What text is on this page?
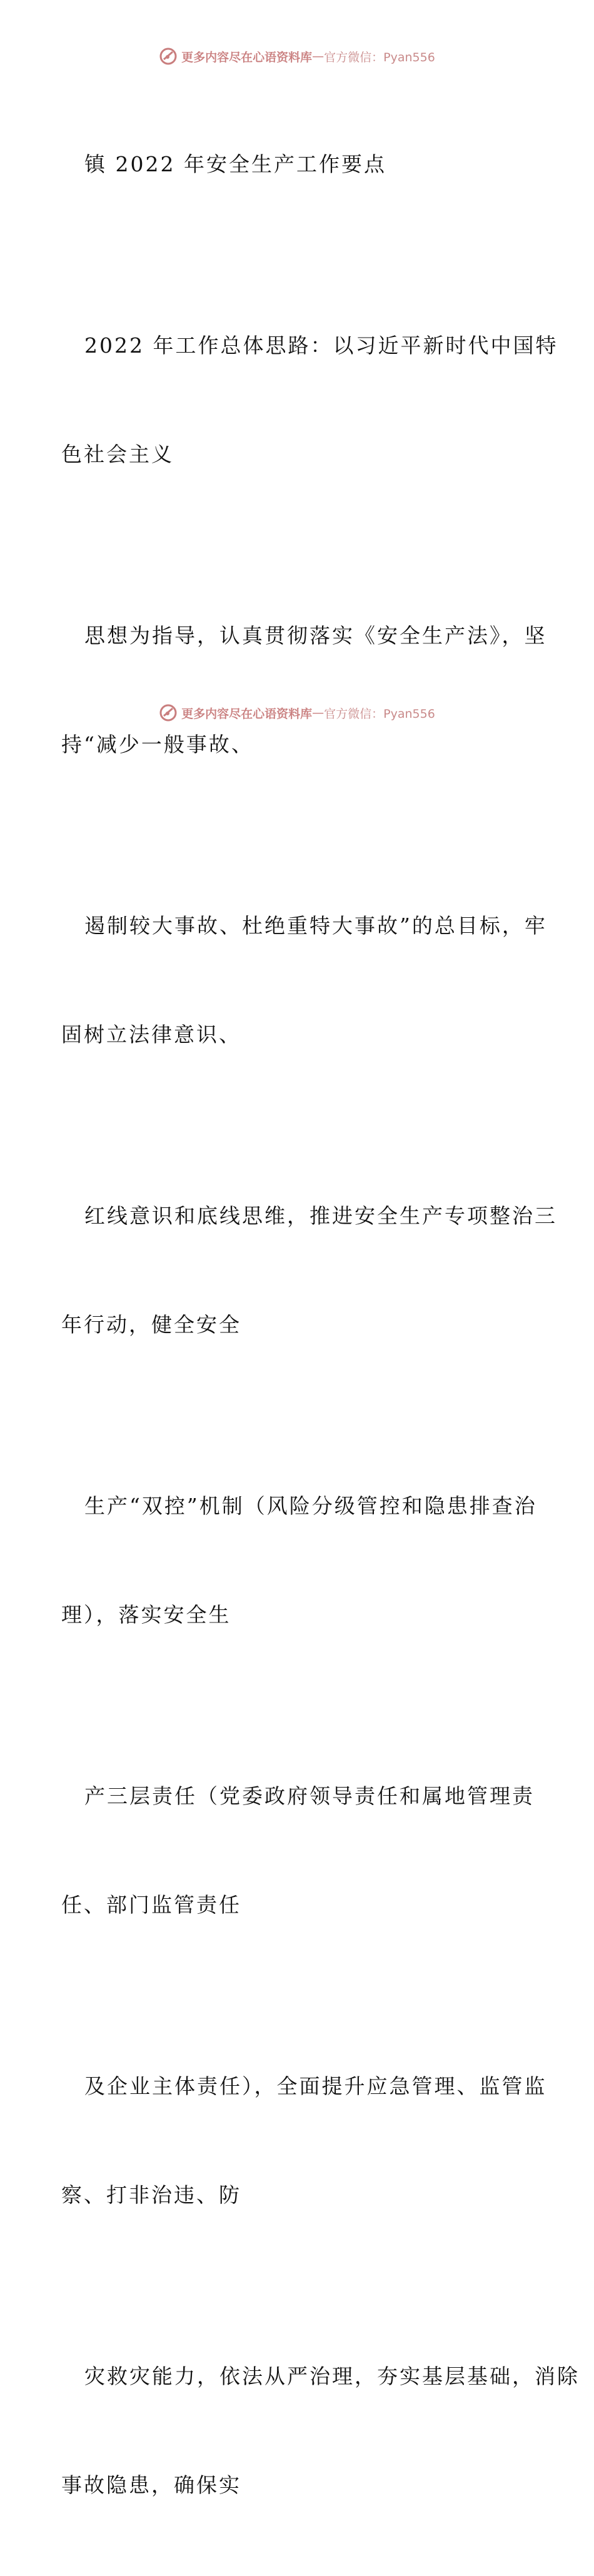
更多内容尽在心语资料库 — 官方微信：Pyan556

镇 2022 年安全生产工作要点

2022 年工作总体思路：以习近平新时代中国特

色社会主义

思想为指导，认真贯彻落实《安全生产法》，坚

持“减少一般事故、

遏制较大事故、杜绝重特大事故”的总目标，牢

固树立法律意识、

红线意识和底线思维，推进安全生产专项整治三

年行动，健全安全

生产“双控”机制（风险分级管控和隐患排查治

理），落实安全生

产三层责任（党委政府领导责任和属地管理责

任、部门监管责任

及企业主体责任），全面提升应急管理、监管监

察、打非治违、防

灾救灾能力，依法从严治理，夯实基层基础，消除

事故隐患，确保实

更多内容尽在心语资料库 — 官方微信：Pyan556
